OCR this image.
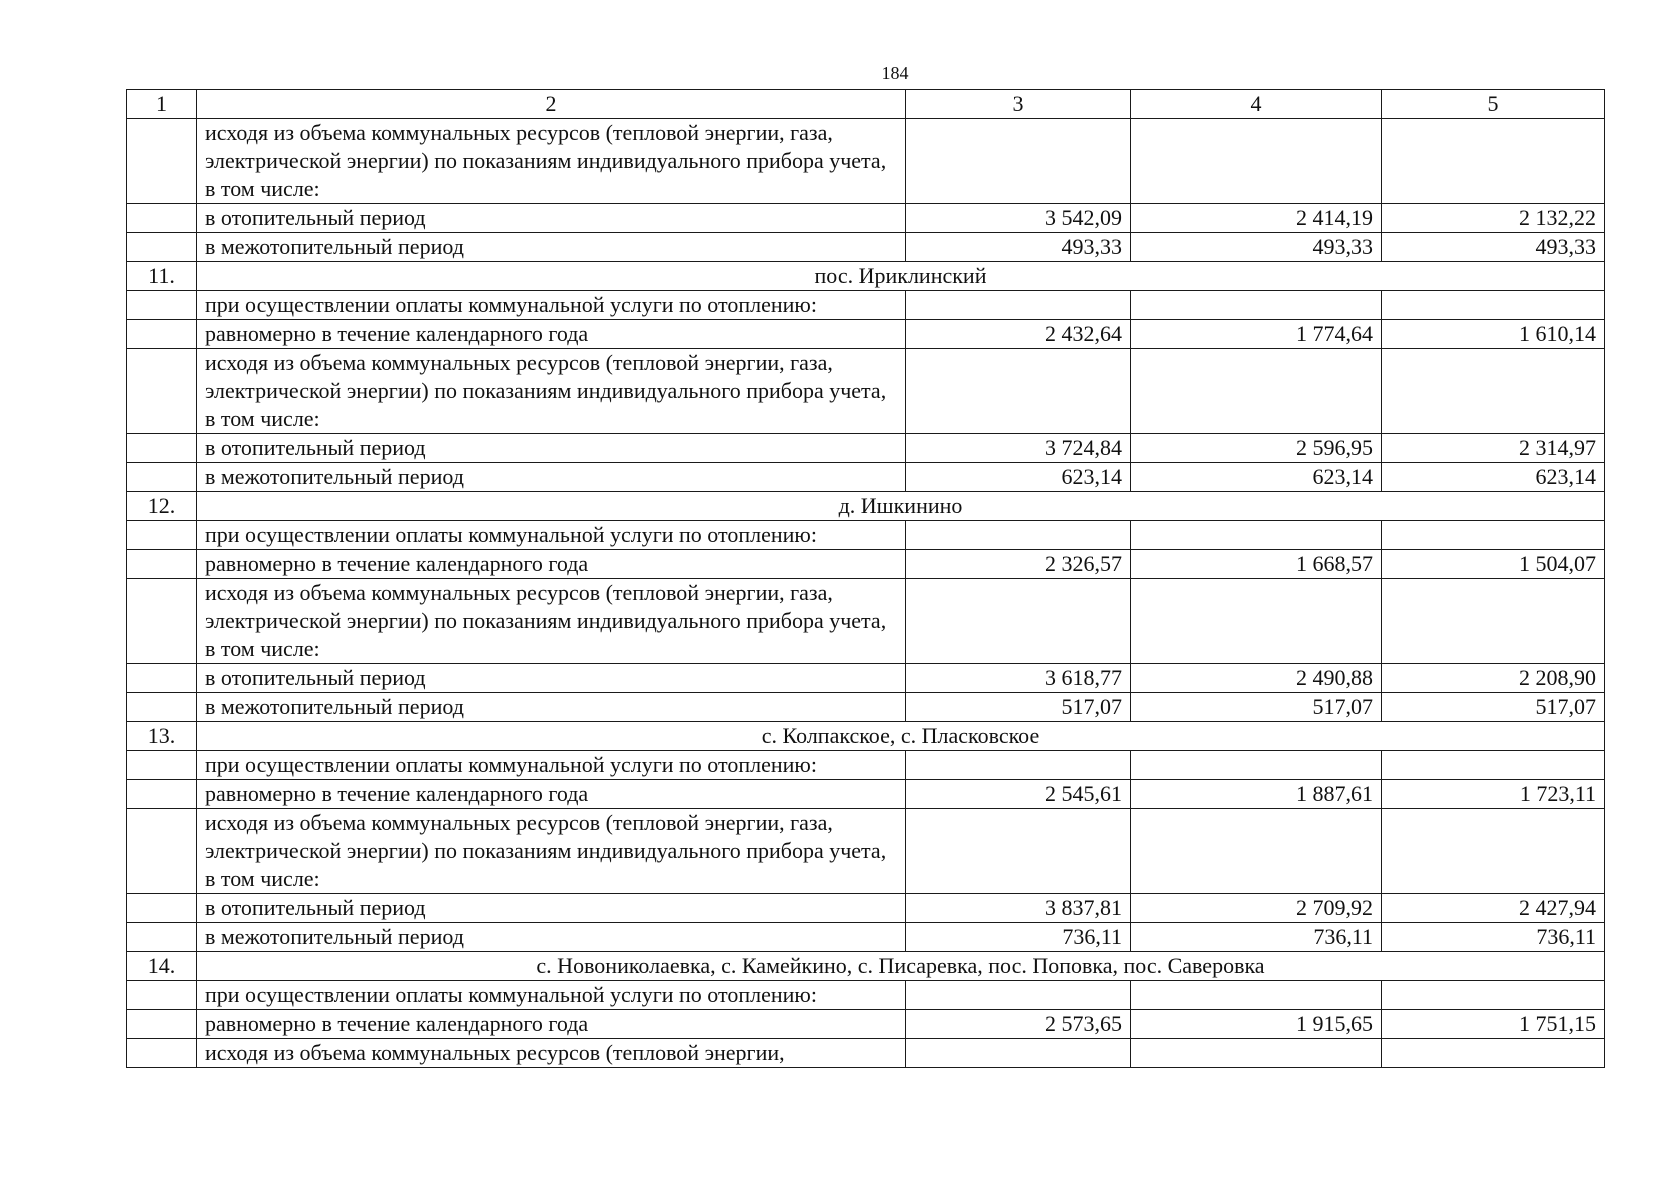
184
1	2	3	4	5
	исходя из объема коммунальных ресурсов (тепловой энергии, газа, электрической энергии) по показаниям индивидуального прибора учета, в том числе:			
	в отопительный период	3 542,09	2 414,19	2 132,22
	в межотопительный период	493,33	493,33	493,33
11.	пос. Ириклинский			
	при осуществлении оплаты коммунальной услуги по отоплению:			
	равномерно в течение календарного года	2 432,64	1 774,64	1 610,14
	исходя из объема коммунальных ресурсов (тепловой энергии, газа, электрической энергии) по показаниям индивидуального прибора учета, в том числе:			
	в отопительный период	3 724,84	2 596,95	2 314,97
	в межотопительный период	623,14	623,14	623,14
12.	д. Ишкинино			
	при осуществлении оплаты коммунальной услуги по отоплению:			
	равномерно в течение календарного года	2 326,57	1 668,57	1 504,07
	исходя из объема коммунальных ресурсов (тепловой энергии, газа, электрической энергии) по показаниям индивидуального прибора учета, в том числе:			
	в отопительный период	3 618,77	2 490,88	2 208,90
	в межотопительный период	517,07	517,07	517,07
13.	с. Колпакское, с. Пласковское			
	при осуществлении оплаты коммунальной услуги по отоплению:			
	равномерно в течение календарного года	2 545,61	1 887,61	1 723,11
	исходя из объема коммунальных ресурсов (тепловой энергии, газа, электрической энергии) по показаниям индивидуального прибора учета, в том числе:			
	в отопительный период	3 837,81	2 709,92	2 427,94
	в межотопительный период	736,11	736,11	736,11
14.	с. Новониколаевка, с. Камейкино, с. Писаревка, пос. Поповка, пос. Саверовка			
	при осуществлении оплаты коммунальной услуги по отоплению:			
	равномерно в течение календарного года	2 573,65	1 915,65	1 751,15
	исходя из объема коммунальных ресурсов (тепловой энергии,			
